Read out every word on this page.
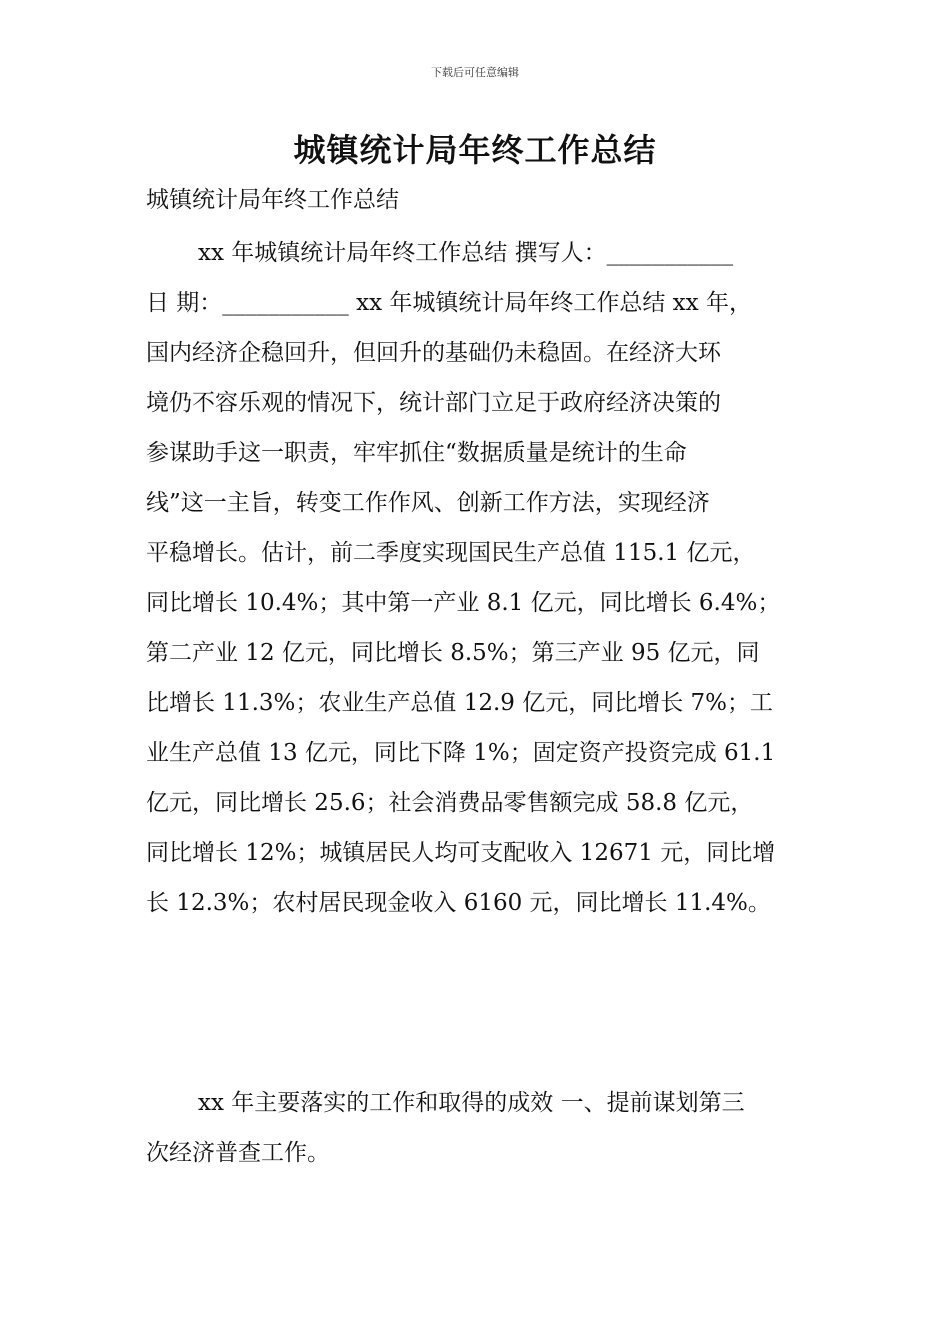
下载后可任意编辑
城镇统计局年终工作总结
城镇统计局年终工作总结
xx 年城镇统计局年终工作总结 撰写人：___________
日 期：___________ xx 年城镇统计局年终工作总结 xx 年，
国内经济企稳回升，但回升的基础仍未稳固。在经济大环
境仍不容乐观的情况下，统计部门立足于政府经济决策的
参谋助手这一职责，牢牢抓住“数据质量是统计的生命
线”这一主旨，转变工作作风、创新工作方法，实现经济
平稳增长。估计，前二季度实现国民生产总值 115.1 亿元，
同比增长 10.4%；其中第一产业 8.1 亿元，同比增长 6.4%；
第二产业 12 亿元，同比增长 8.5%；第三产业 95 亿元，同
比增长 11.3%；农业生产总值 12.9 亿元，同比增长 7%；工
业生产总值 13 亿元，同比下降 1%；固定资产投资完成 61.1
亿元，同比增长 25.6；社会消费品零售额完成 58.8 亿元，
同比增长 12%；城镇居民人均可支配收入 12671 元，同比增
长 12.3%；农村居民现金收入 6160 元，同比增长 11.4%。
xx 年主要落实的工作和取得的成效 一、提前谋划第三
次经济普查工作。
